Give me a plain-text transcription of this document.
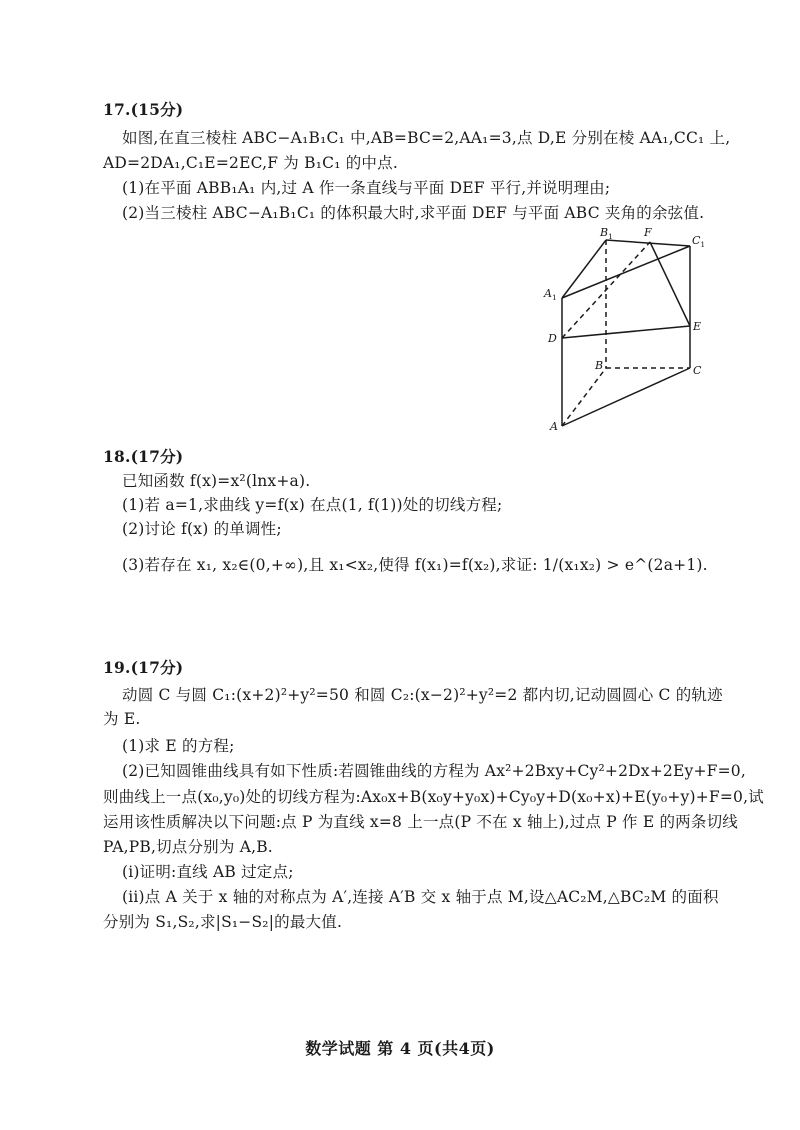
17.(15分)
如图,在直三棱柱 ABC−A₁B₁C₁ 中,AB=BC=2,AA₁=3,点 D,E 分别在棱 AA₁,CC₁ 上,
AD=2DA₁,C₁E=2EC,F 为 B₁C₁ 的中点.
(1)在平面 ABB₁A₁ 内,过 A 作一条直线与平面 DEF 平行,并说明理由;
(2)当三棱柱 ABC−A₁B₁C₁ 的体积最大时,求平面 DEF 与平面 ABC 夹角的余弦值.
$B_1$	F
$C_1$
$A_1$
D
E
B	C
A
18.(17分)
已知函数 f(x)=x²(lnx+a).
(1)若 a=1,求曲线 y=f(x) 在点(1, f(1))处的切线方程;
(2)讨论 f(x) 的单调性;
(3)若存在 x₁, x₂∈(0,+∞),且 x₁<x₂,使得 f(x₁)=f(x₂),求证: 1/(x₁x₂) > e^(2a+1).
19.(17分)
动圆 C 与圆 C₁:(x+2)²+y²=50 和圆 C₂:(x−2)²+y²=2 都内切,记动圆圆心 C 的轨迹
为 E.
(1)求 E 的方程;
(2)已知圆锥曲线具有如下性质:若圆锥曲线的方程为 Ax²+2Bxy+Cy²+2Dx+2Ey+F=0,
则曲线上一点(x₀,y₀)处的切线方程为:Ax₀x+B(x₀y+y₀x)+Cy₀y+D(x₀+x)+E(y₀+y)+F=0,试
运用该性质解决以下问题:点 P 为直线 x=8 上一点(P 不在 x 轴上),过点 P 作 E 的两条切线
PA,PB,切点分别为 A,B.
(i)证明:直线 AB 过定点;
(ii)点 A 关于 x 轴的对称点为 A′,连接 A′B 交 x 轴于点 M,设△AC₂M,△BC₂M 的面积
分别为 S₁,S₂,求|S₁−S₂|的最大值.
数学试题 第 4 页(共4页)
